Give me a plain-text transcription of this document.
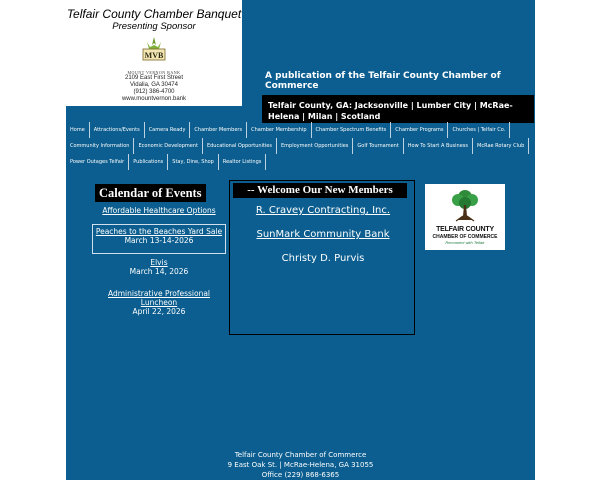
Telfair County Chamber Banquet
Presenting Sponsor
MVB
MOUNT VERNON BANK
2109 East First Street
Vidalia, GA 30474
(912) 386-4700
www.mountvernon.bank
A publication of the Telfair County Chamber of Commerce
Telfair County, GA: Jacksonville | Lumber City | McRae-Helena | Milan | Scotland
Home	Attractions/Events	Camera Ready	Chamber Members	Chamber Membership	Chamber Spectrum Benefits	Chamber Programs	Churches | Telfair Co.
Community Information	Economic Development	Educational Opportunities	Employment Opportunities	Golf Tournament	How To Start A Business	McRae Rotary Club
Power Outages Telfair	Publications	Stay, Dine, Shop	Realtor Listings
Calendar of Events
Affordable Healthcare Options
Peaches to the Beaches Yard Sale
March 13-14-2026
Elvis
March 14, 2026
Administrative Professional Luncheon
April 22, 2026
-- Welcome Our New Members
R. Cravey Contracting, Inc.
SunMark Community Bank
Christy D. Purvis
TELFAIR COUNTY
CHAMBER OF COMMERCE
Reconnect with Telfair
Telfair County Chamber of Commerce
9 East Oak St. | McRae-Helena, GA 31055
Office (229) 868-6365
